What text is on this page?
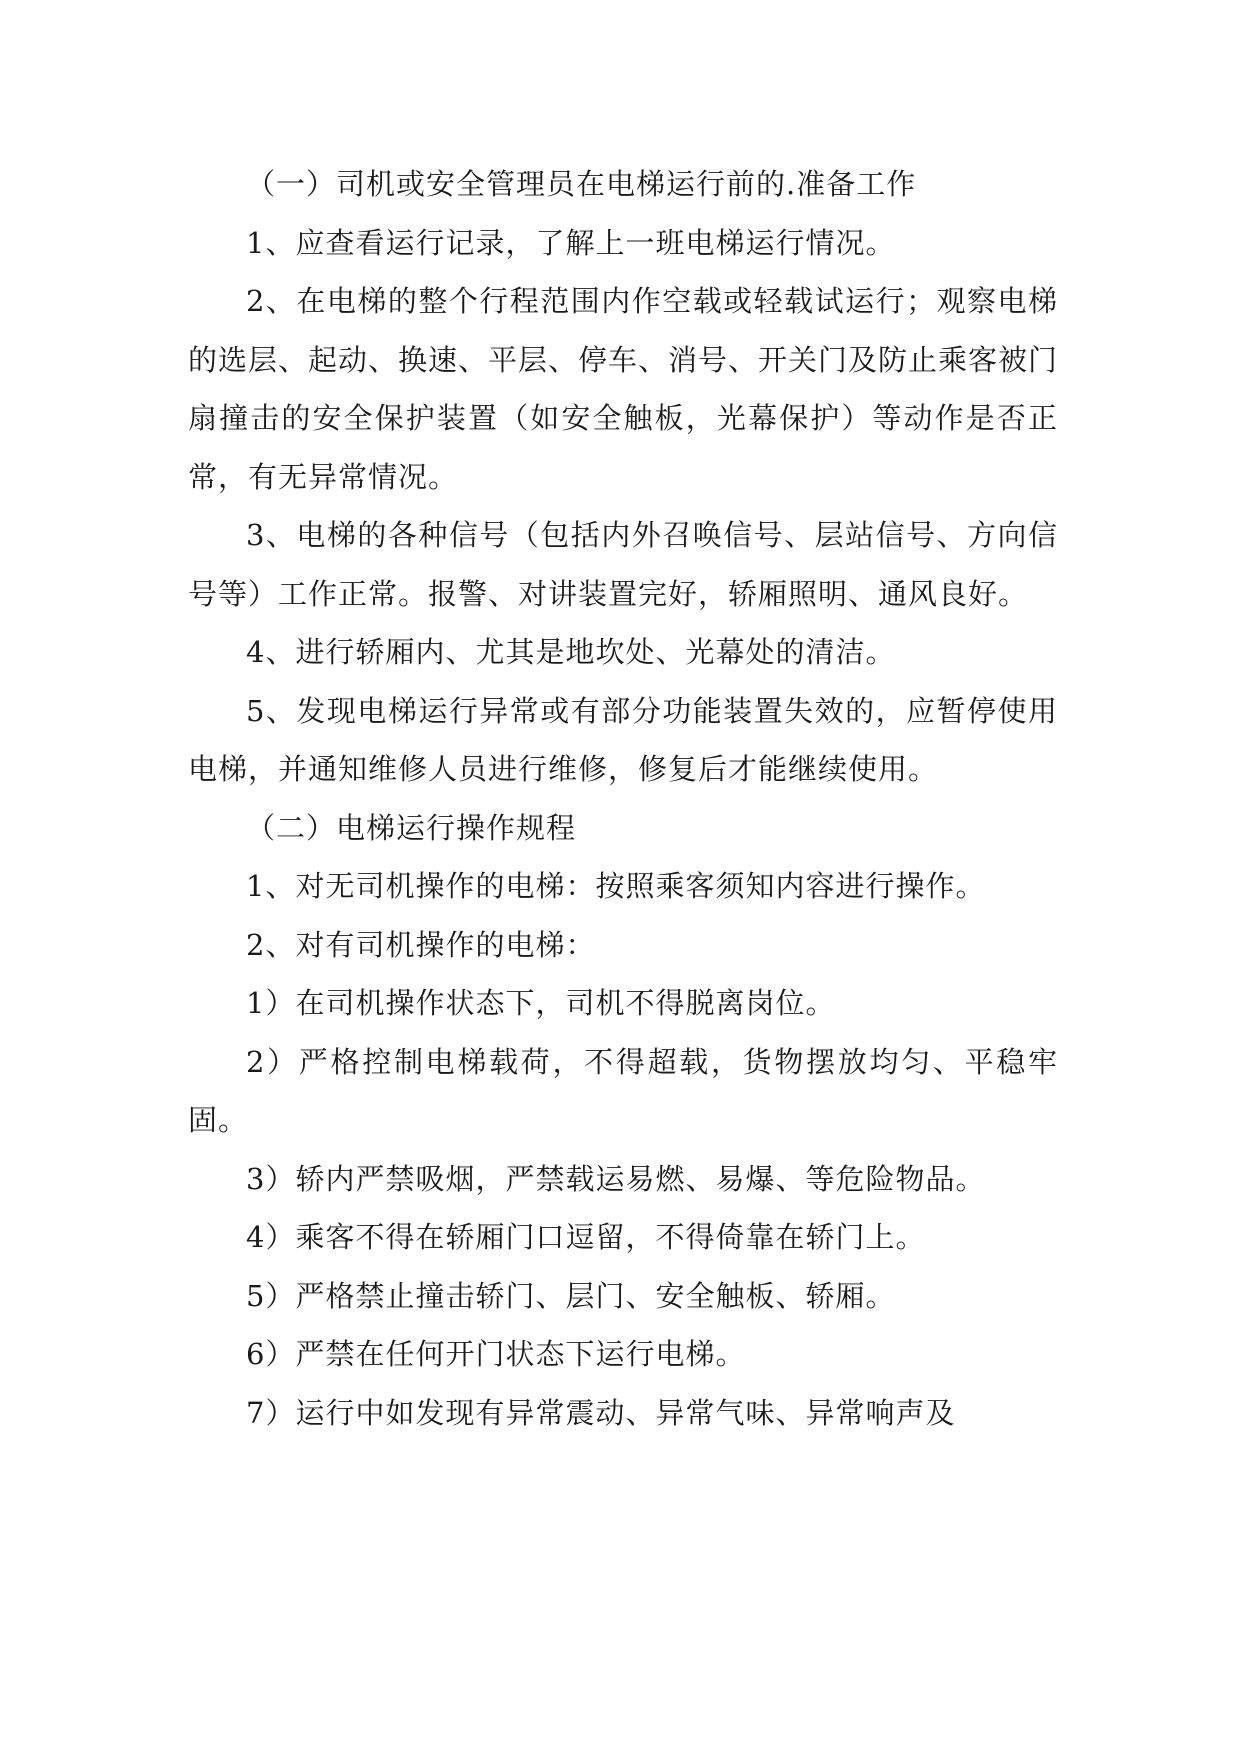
（一）司机或安全管理员在电梯运行前的.准备工作

1、应查看运行记录，了解上一班电梯运行情况。

2、在电梯的整个行程范围内作空载或轻载试运行；观察电梯的选层、起动、换速、平层、停车、消号、开关门及防止乘客被门扇撞击的安全保护装置（如安全触板，光幕保护）等动作是否正常，有无异常情况。

3、电梯的各种信号（包括内外召唤信号、层站信号、方向信号等）工作正常。报警、对讲装置完好，轿厢照明、通风良好。

4、进行轿厢内、尤其是地坎处、光幕处的清洁。

5、发现电梯运行异常或有部分功能装置失效的，应暂停使用电梯，并通知维修人员进行维修，修复后才能继续使用。

（二）电梯运行操作规程

1、对无司机操作的电梯：按照乘客须知内容进行操作。

2、对有司机操作的电梯：

1）在司机操作状态下，司机不得脱离岗位。

2）严格控制电梯载荷，不得超载，货物摆放均匀、平稳牢固。

3）轿内严禁吸烟，严禁载运易燃、易爆、等危险物品。

4）乘客不得在轿厢门口逗留，不得倚靠在轿门上。

5）严格禁止撞击轿门、层门、安全触板、轿厢。

6）严禁在任何开门状态下运行电梯。

7）运行中如发现有异常震动、异常气味、异常响声及
